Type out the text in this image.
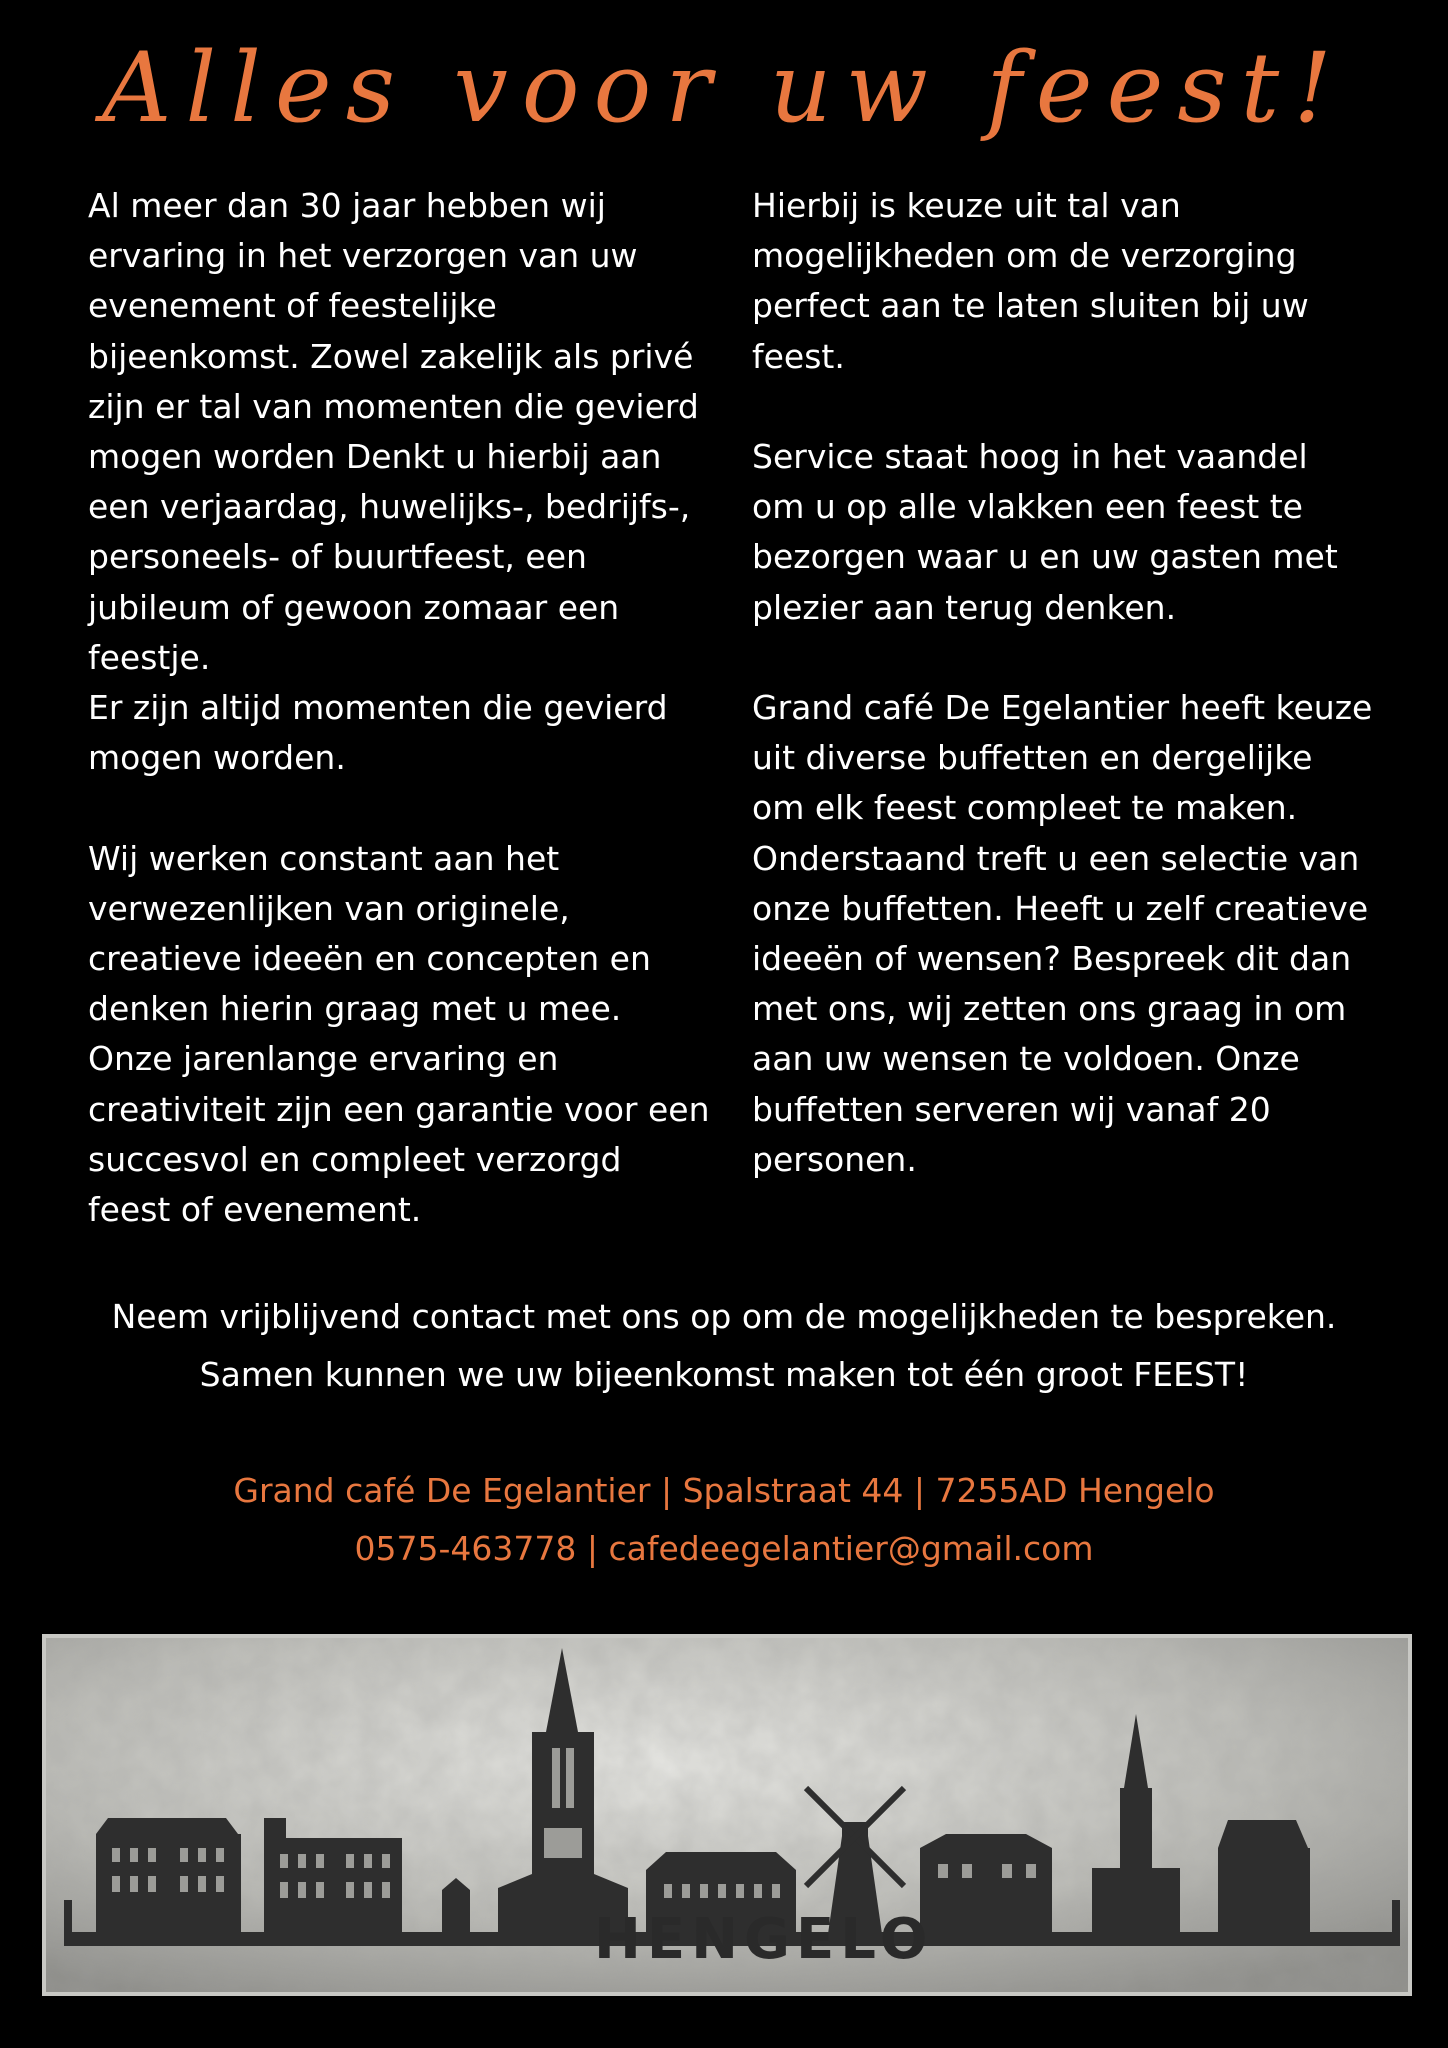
Alles voor uw feest!
Al meer dan 30 jaar hebben wij
ervaring in het verzorgen van uw
evenement of feestelijke
bijeenkomst. Zowel zakelijk als privé
zijn er tal van momenten die gevierd
mogen worden Denkt u hierbij aan
een verjaardag, huwelijks-, bedrijfs-,
personeels- of buurtfeest, een
jubileum of gewoon zomaar een
feestje.
Er zijn altijd momenten die gevierd
mogen worden.

Wij werken constant aan het
verwezenlijken van originele,
creatieve ideeën en concepten en
denken hierin graag met u mee.
Onze jarenlange ervaring en
creativiteit zijn een garantie voor een
succesvol en compleet verzorgd
feest of evenement.
Hierbij is keuze uit tal van
mogelijkheden om de verzorging
perfect aan te laten sluiten bij uw
feest.

Service staat hoog in het vaandel
om u op alle vlakken een feest te
bezorgen waar u en uw gasten met
plezier aan terug denken.

Grand café De Egelantier heeft keuze
uit diverse buffetten en dergelijke
om elk feest compleet te maken.
Onderstaand treft u een selectie van
onze buffetten. Heeft u zelf creatieve
ideeën of wensen? Bespreek dit dan
met ons, wij zetten ons graag in om
aan uw wensen te voldoen. Onze
buffetten serveren wij vanaf 20
personen.
Neem vrijblijvend contact met ons op om de mogelijkheden te bespreken.
Samen kunnen we uw bijeenkomst maken tot één groot FEEST!
Grand café De Egelantier | Spalstraat 44 | 7255AD Hengelo
0575-463778 | cafedeegelantier@gmail.com
HENGELO
